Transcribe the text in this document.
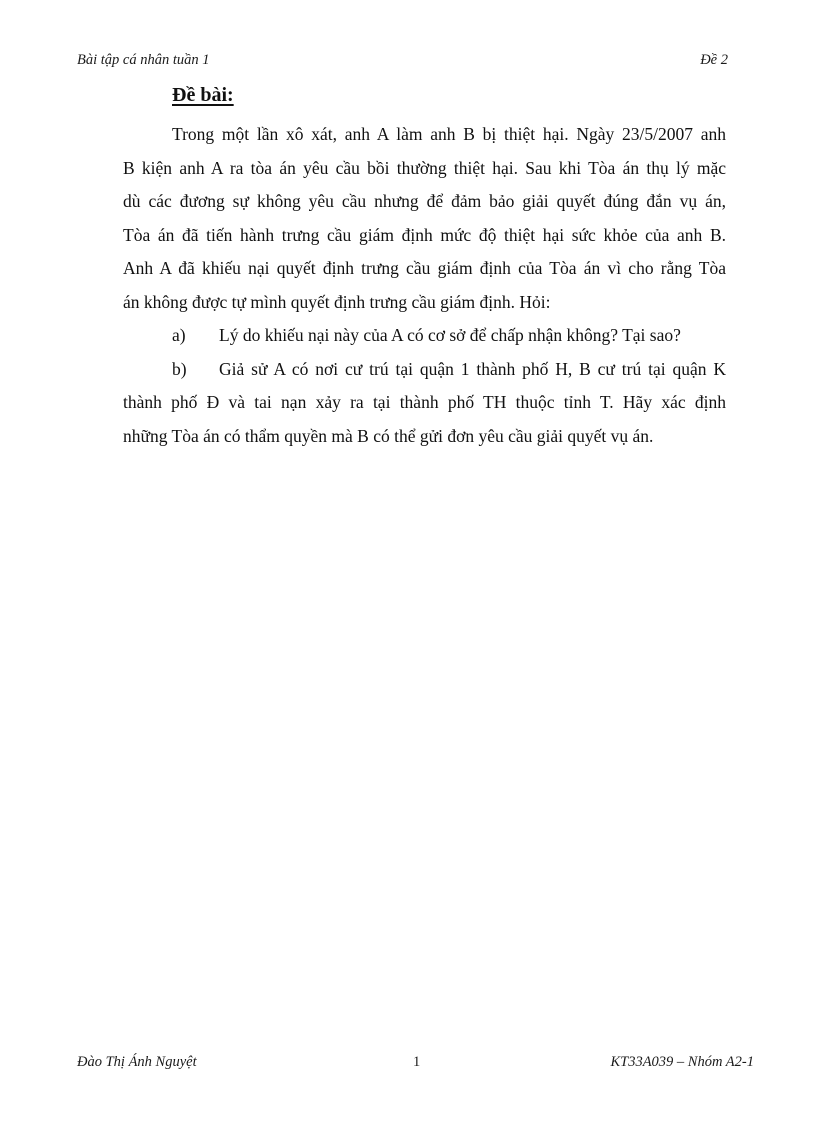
Bài tập cá nhân tuần 1	Đề 2
Đề bài:
Trong một lần xô xát, anh A làm anh B bị thiệt hại. Ngày 23/5/2007 anh
B kiện anh A ra tòa án yêu cầu bồi thường thiệt hại. Sau khi Tòa án thụ lý mặc
dù các đương sự không yêu cầu nhưng để đảm bảo giải quyết đúng đắn vụ án,
Tòa án đã tiến hành trưng cầu giám định mức độ thiệt hại sức khỏe của anh B.
Anh A đã khiếu nại quyết định trưng cầu giám định của Tòa án vì cho rằng Tòa
án không được tự mình quyết định trưng cầu giám định. Hỏi:
a)	Lý do khiếu nại này của A có cơ sở để chấp nhận không? Tại sao?
b)	Giả sử A có nơi cư trú tại quận 1 thành phố H, B cư trú tại quận K
thành phố Đ và tai nạn xảy ra tại thành phố TH thuộc tỉnh T. Hãy xác định
những Tòa án có thẩm quyền mà B có thể gửi đơn yêu cầu giải quyết vụ án.
Đào Thị Ánh Nguyệt	1	KT33A039 – Nhóm A2-1
